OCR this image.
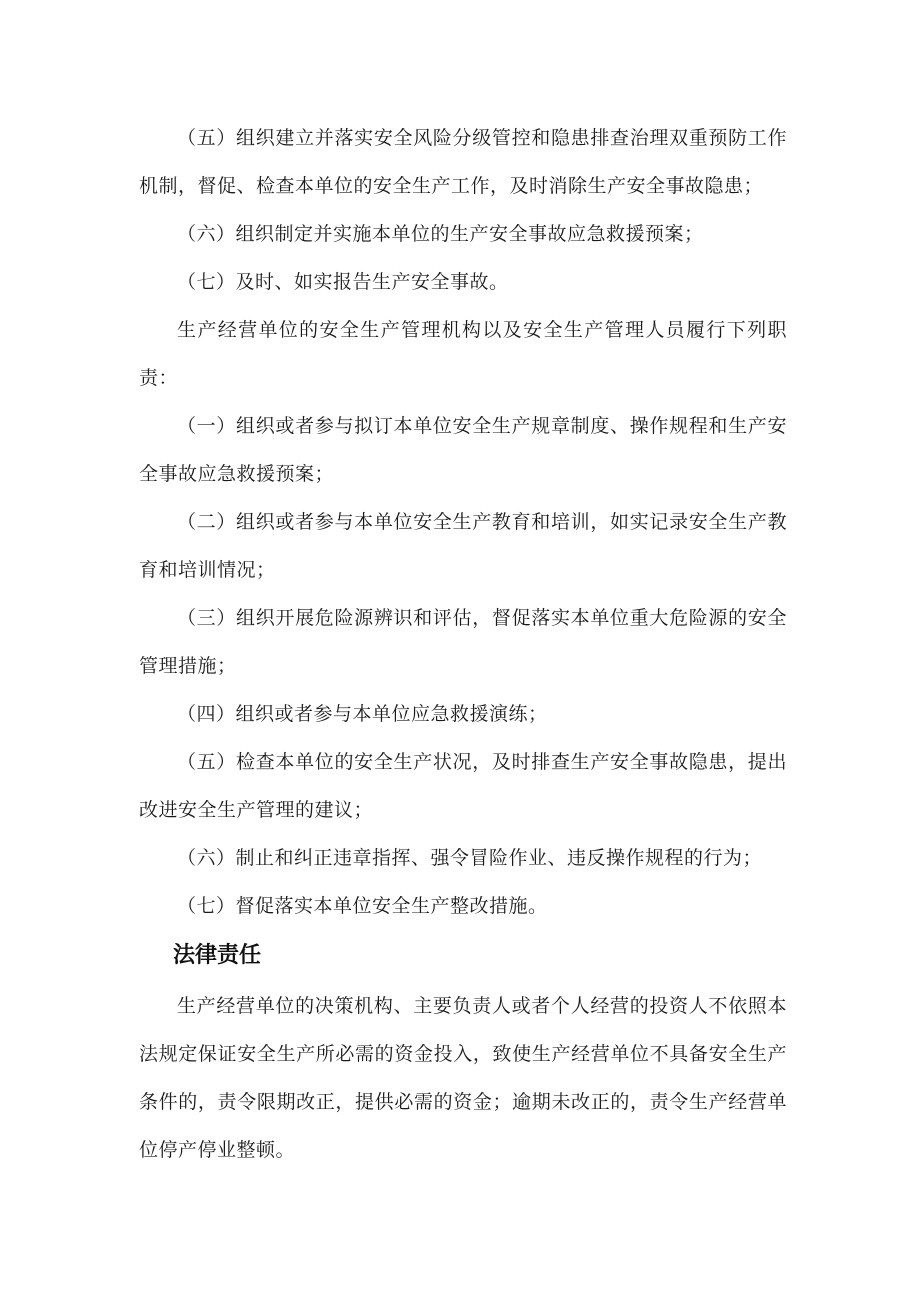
（五）组织建立并落实安全风险分级管控和隐患排查治理双重预防工作机制，督促、检查本单位的安全生产工作，及时消除生产安全事故隐患；

（六）组织制定并实施本单位的生产安全事故应急救援预案；

（七）及时、如实报告生产安全事故。

生产经营单位的安全生产管理机构以及安全生产管理人员履行下列职责：

（一）组织或者参与拟订本单位安全生产规章制度、操作规程和生产安全事故应急救援预案；

（二）组织或者参与本单位安全生产教育和培训，如实记录安全生产教育和培训情况；

（三）组织开展危险源辨识和评估，督促落实本单位重大危险源的安全管理措施；

（四）组织或者参与本单位应急救援演练；

（五）检查本单位的安全生产状况，及时排查生产安全事故隐患，提出改进安全生产管理的建议；

（六）制止和纠正违章指挥、强令冒险作业、违反操作规程的行为；

（七）督促落实本单位安全生产整改措施。

法律责任

生产经营单位的决策机构、主要负责人或者个人经营的投资人不依照本法规定保证安全生产所必需的资金投入，致使生产经营单位不具备安全生产条件的，责令限期改正，提供必需的资金；逾期未改正的，责令生产经营单位停产停业整顿。
